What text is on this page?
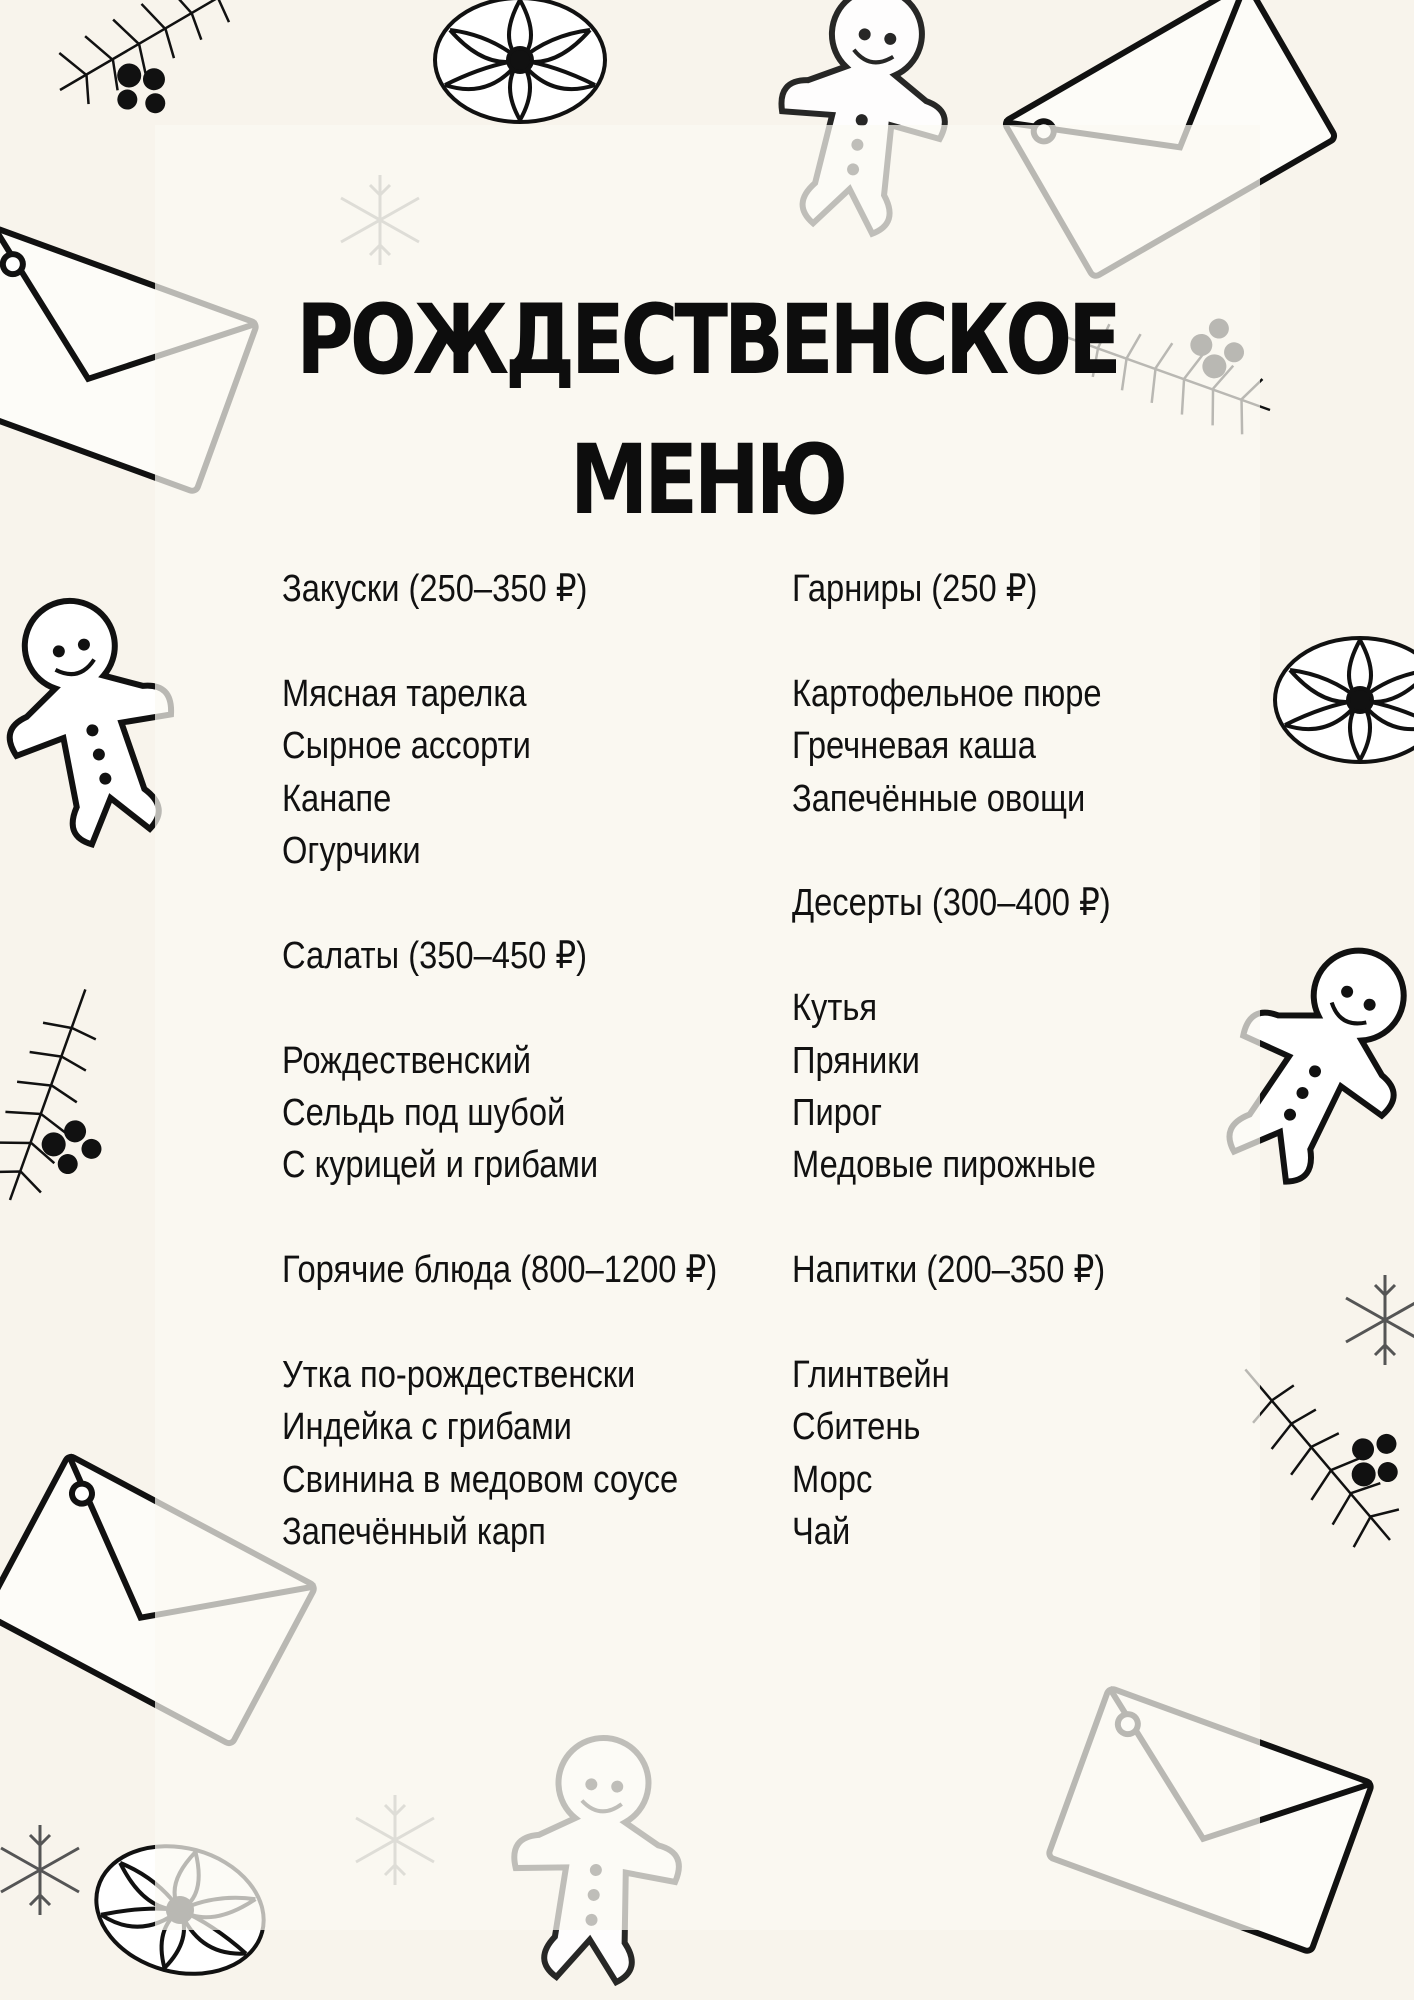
РОЖДЕСТВЕНСКОЕ
МЕНЮ
Закуски (250–350 ₽)
Мясная тарелка
Сырное ассорти
Канапе
Огурчики
Салаты (350–450 ₽)
Рождественский
Сельдь под шубой
С курицей и грибами
Горячие блюда (800–1200 ₽)
Утка по-рождественски
Индейка с грибами
Свинина в медовом соусе
Запечённый карп
Гарниры (250 ₽)
Картофельное пюре
Гречневая каша
Запечённые овощи
Десерты (300–400 ₽)
Кутья
Пряники
Пирог
Медовые пирожные
Напитки (200–350 ₽)
Глинтвейн
Сбитень
Морс
Чай
